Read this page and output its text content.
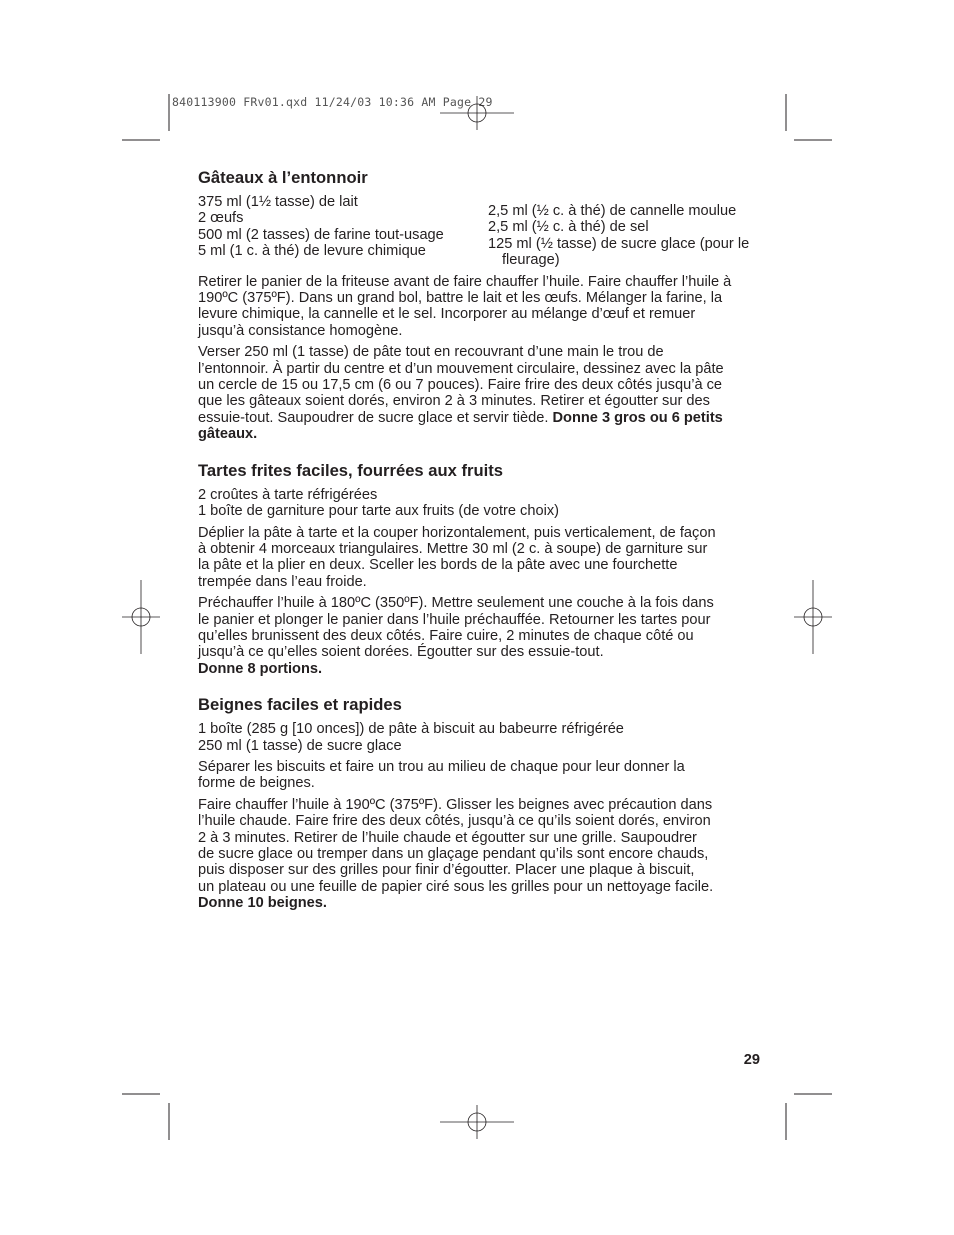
840113900 FRv01.qxd 11/24/03 10:36 AM Page 29
Gâteaux à l’entonnoir
375 ml (1½ tasse) de lait
2 œufs
500 ml (2 tasses) de farine tout-usage
5 ml (1 c. à thé) de levure chimique
2,5 ml (½ c. à thé) de cannelle moulue
2,5 ml (½ c. à thé) de sel
125 ml (½ tasse) de sucre glace (pour le fleurage)

Retirer le panier de la friteuse avant de faire chauffer l’huile. Faire chauffer l’huile à
190ºC (375ºF). Dans un grand bol, battre le lait et les œufs. Mélanger la farine, la
levure chimique, la cannelle et le sel. Incorporer au mélange d’œuf et remuer
jusqu’à consistance homogène.

Verser 250 ml (1 tasse) de pâte tout en recouvrant d’une main le trou de
l’entonnoir. À partir du centre et d’un mouvement circulaire, dessinez avec la pâte
un cercle de 15 ou 17,5 cm (6 ou 7 pouces). Faire frire des deux côtés jusqu’à ce
que les gâteaux soient dorés, environ 2 à 3 minutes. Retirer et égoutter sur des
essuie-tout. Saupoudrer de sucre glace et servir tiède. Donne 3 gros ou 6 petits gâteaux.

Tartes frites faciles, fourrées aux fruits
2 croûtes à tarte réfrigérées
1 boîte de garniture pour tarte aux fruits (de votre choix)

Déplier la pâte à tarte et la couper horizontalement, puis verticalement, de façon
à obtenir 4 morceaux triangulaires. Mettre 30 ml (2 c. à soupe) de garniture sur
la pâte et la plier en deux. Sceller les bords de la pâte avec une fourchette
trempée dans l’eau froide.

Préchauffer l’huile à 180ºC (350ºF). Mettre seulement une couche à la fois dans
le panier et plonger le panier dans l’huile préchauffée. Retourner les tartes pour
qu’elles brunissent des deux côtés. Faire cuire, 2 minutes de chaque côté ou
jusqu’à ce qu’elles soient dorées. Égoutter sur des essuie-tout.
Donne 8 portions.

Beignes faciles et rapides
1 boîte (285 g [10 onces]) de pâte à biscuit au babeurre réfrigérée
250 ml (1 tasse) de sucre glace

Séparer les biscuits et faire un trou au milieu de chaque pour leur donner la
forme de beignes.

Faire chauffer l’huile à 190ºC (375ºF). Glisser les beignes avec précaution dans
l’huile chaude. Faire frire des deux côtés, jusqu’à ce qu’ils soient dorés, environ
2 à 3 minutes. Retirer de l’huile chaude et égoutter sur une grille. Saupoudrer
de sucre glace ou tremper dans un glaçage pendant qu’ils sont encore chauds,
puis disposer sur des grilles pour finir d’égoutter. Placer une plaque à biscuit,
un plateau ou une feuille de papier ciré sous les grilles pour un nettoyage facile.
Donne 10 beignes.

29
